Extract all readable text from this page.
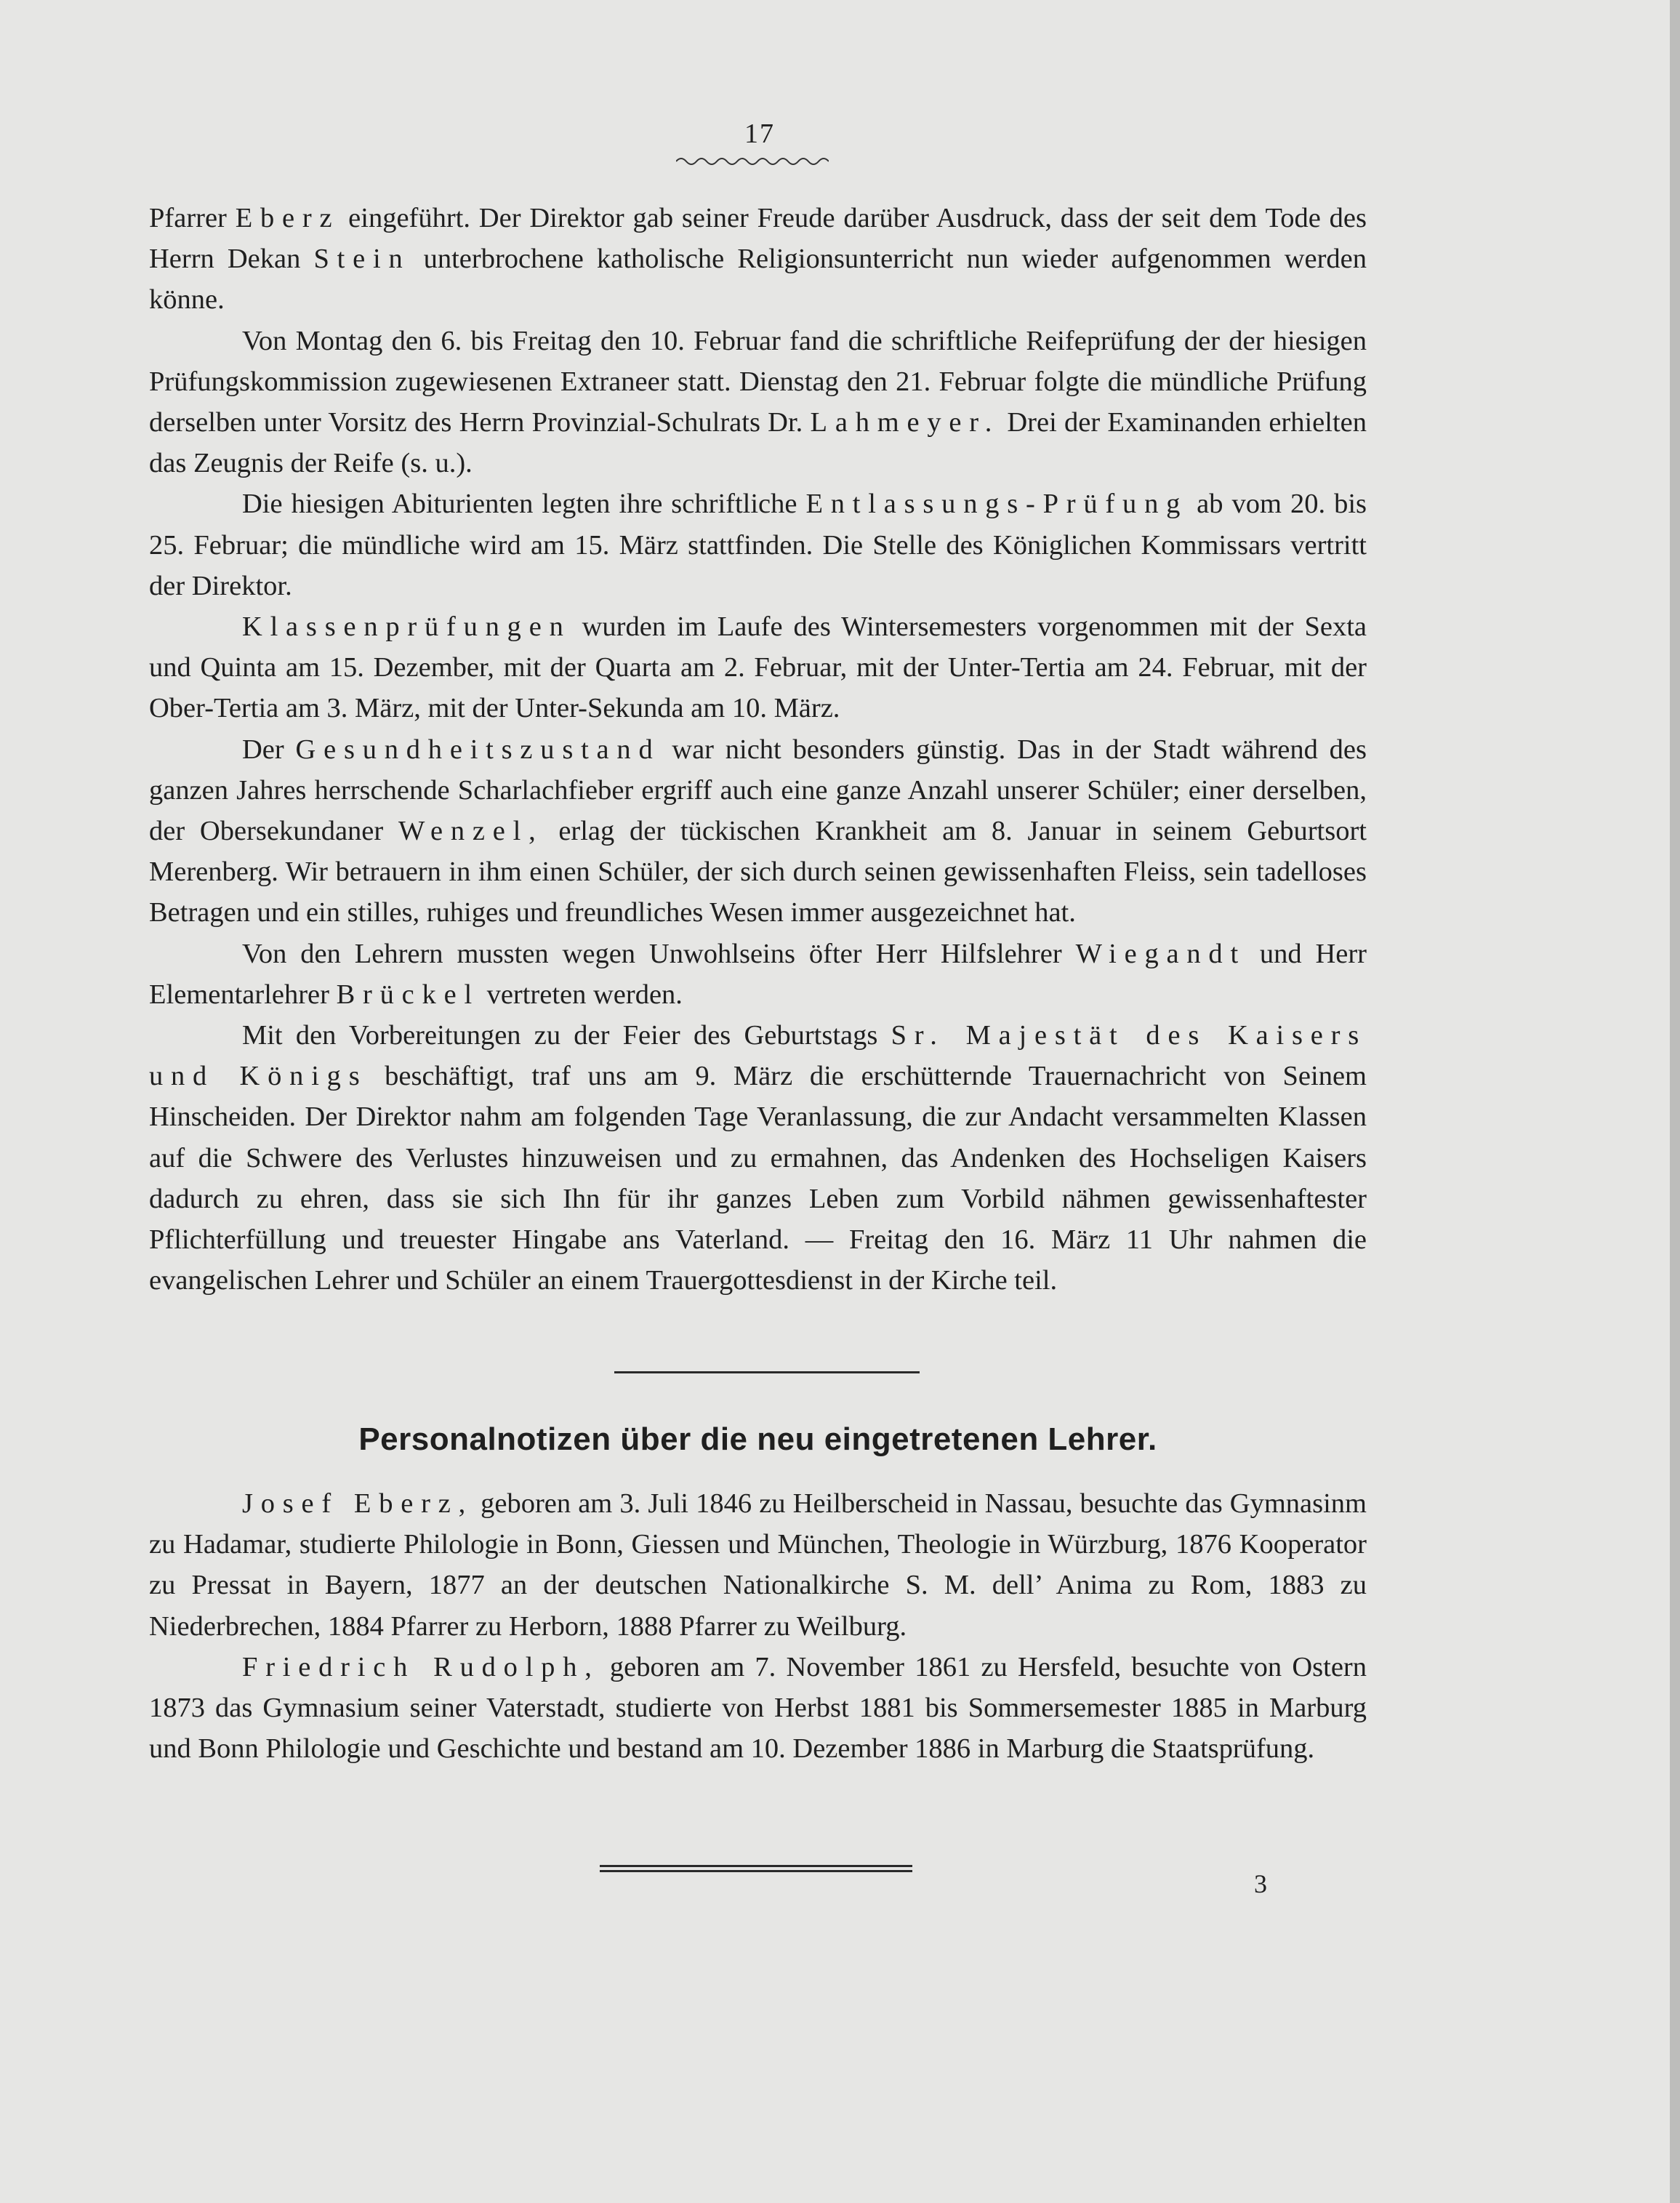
17

Pfarrer Eberz eingeführt. Der Direktor gab seiner Freude darüber Ausdruck, dass der seit dem Tode des Herrn Dekan Stein unterbrochene katholische Religionsunterricht nun wieder aufgenommen werden könne.

Von Montag den 6. bis Freitag den 10. Februar fand die schriftliche Reifeprüfung der der hiesigen Prüfungskommission zugewiesenen Extraneer statt. Dienstag den 21. Februar folgte die mündliche Prüfung derselben unter Vorsitz des Herrn Provinzial-Schulrats Dr. Lahmeyer. Drei der Examinanden erhielten das Zeugnis der Reife (s. u.).

Die hiesigen Abiturienten legten ihre schriftliche Entlassungs-Prüfung ab vom 20. bis 25. Februar; die mündliche wird am 15. März stattfinden. Die Stelle des Königlichen Kommissars vertritt der Direktor.

Klassenprüfungen wurden im Laufe des Wintersemesters vorgenommen mit der Sexta und Quinta am 15. Dezember, mit der Quarta am 2. Februar, mit der Unter-Tertia am 24. Februar, mit der Ober-Tertia am 3. März, mit der Unter-Sekunda am 10. März.

Der Gesundheitszustand war nicht besonders günstig. Das in der Stadt während des ganzen Jahres herrschende Scharlachfieber ergriff auch eine ganze Anzahl unserer Schüler; einer derselben, der Obersekundaner Wenzel, erlag der tückischen Krankheit am 8. Januar in seinem Geburtsort Merenberg. Wir betrauern in ihm einen Schüler, der sich durch seinen gewissenhaften Fleiss, sein tadelloses Betragen und ein stilles, ruhiges und freundliches Wesen immer ausgezeichnet hat.

Von den Lehrern mussten wegen Unwohlseins öfter Herr Hilfslehrer Wiegandt und Herr Elementarlehrer Brückel vertreten werden.

Mit den Vorbereitungen zu der Feier des Geburtstags Sr. Majestät des Kaisers und Königs beschäftigt, traf uns am 9. März die erschütternde Trauernachricht von Seinem Hinscheiden. Der Direktor nahm am folgenden Tage Veranlassung, die zur Andacht versammelten Klassen auf die Schwere des Verlustes hinzuweisen und zu ermahnen, das Andenken des Hochseligen Kaisers dadurch zu ehren, dass sie sich Ihn für ihr ganzes Leben zum Vorbild nähmen gewissenhaftester Pflichterfüllung und treuester Hingabe ans Vaterland. — Freitag den 16. März 11 Uhr nahmen die evangelischen Lehrer und Schüler an einem Trauergottesdienst in der Kirche teil.

Personalnotizen über die neu eingetretenen Lehrer.

Josef Eberz, geboren am 3. Juli 1846 zu Heilberscheid in Nassau, besuchte das Gymnasinm zu Hadamar, studierte Philologie in Bonn, Giessen und München, Theologie in Würzburg, 1876 Kooperator zu Pressat in Bayern, 1877 an der deutschen Nationalkirche S. M. dell’ Anima zu Rom, 1883 zu Niederbrechen, 1884 Pfarrer zu Herborn, 1888 Pfarrer zu Weilburg.

Friedrich Rudolph, geboren am 7. November 1861 zu Hersfeld, besuchte von Ostern 1873 das Gymnasium seiner Vaterstadt, studierte von Herbst 1881 bis Sommersemester 1885 in Marburg und Bonn Philologie und Geschichte und bestand am 10. Dezember 1886 in Marburg die Staatsprüfung.

3
